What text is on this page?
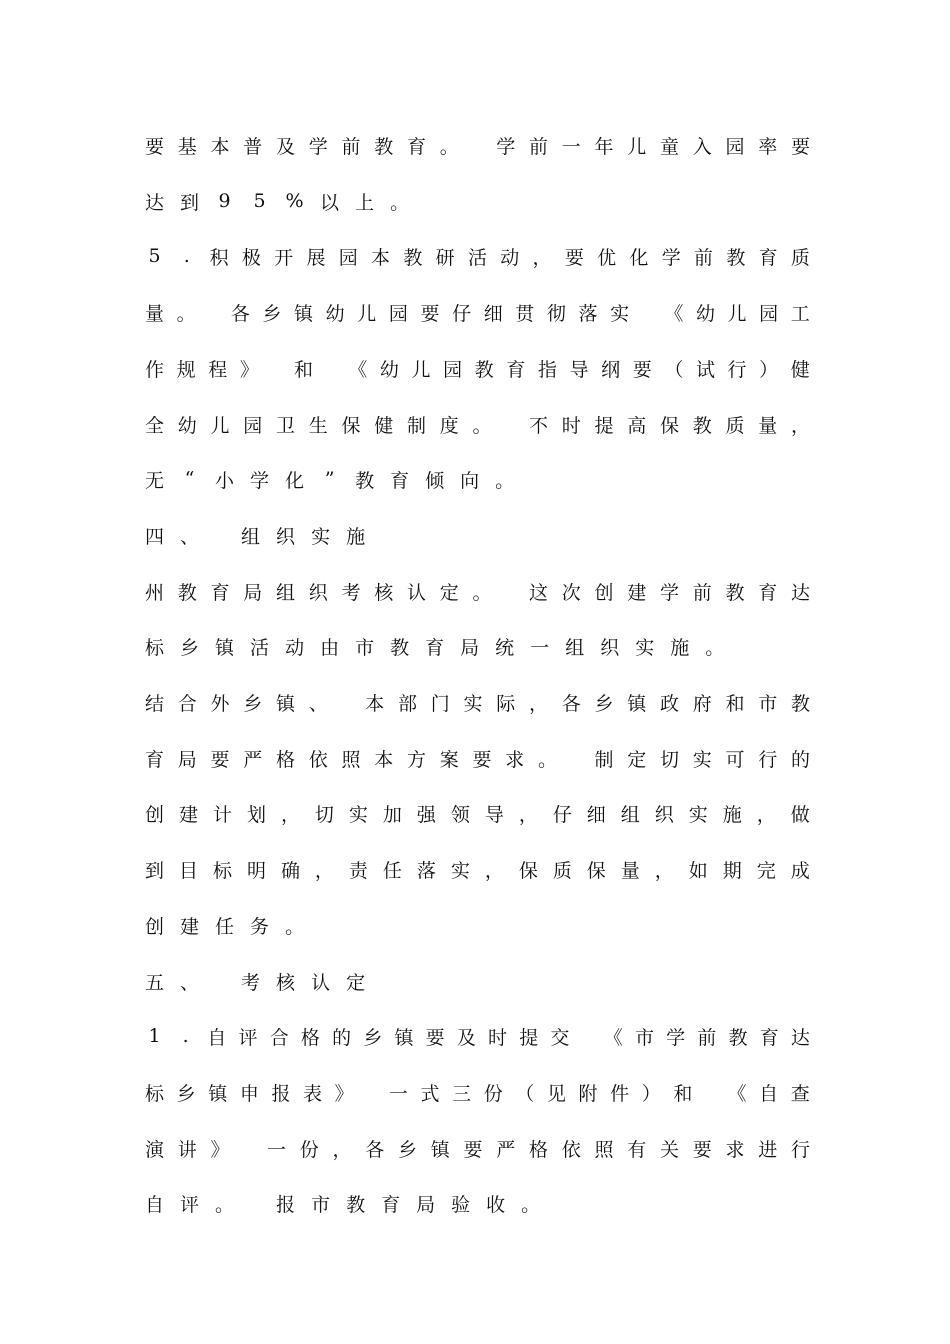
要 基 本 普 及 学 前 教 育 。 学 前 一 年 儿 童 入 园 率 要
达 到 9 5 % 以 上 。
5	.	积 极 开 展 园 本 教 研 活 动 ， 要 优 化 学 前 教 育 质
量 。 各 乡 镇 幼 儿 园 要 仔 细 贯 彻 落 实 《 幼 儿 园 工
作 规 程 》 和 《 幼 儿 园 教 育 指 导 纲 要 （ 试 行 ） 健
全 幼 儿 园 卫 生 保 健 制 度 。 不 时 提 高 保 教 质 量 ，
无 “ 小 学 化 ” 教 育 倾 向 。
四 、 组 织 实 施
州 教 育 局 组 织 考 核 认 定 。 这 次 创 建 学 前 教 育 达
标 乡 镇 活 动 由 市 教 育 局 统 一 组 织 实 施 。
结 合 外 乡 镇 、 本 部 门 实 际 ， 各 乡 镇 政 府 和 市 教
育 局 要 严 格 依 照 本 方 案 要 求 。 制 定 切 实 可 行 的
创 建 计 划 ， 切 实 加 强 领 导 ， 仔 细 组 织 实 施 ， 做
到 目 标 明 确 ， 责 任 落 实 ， 保 质 保 量 ， 如 期 完 成
创 建 任 务 。
五 、 考 核 认 定
1	. 自 评 合 格 的 乡 镇 要 及 时 提 交 《 市 学 前 教 育 达
标 乡 镇 申 报 表 》 一 式 三 份 （ 见 附 件 ） 和 《 自 查
演 讲 》 一 份 ， 各 乡 镇 要 严 格 依 照 有 关 要 求 进 行
自 评 。 报 市 教 育 局 验 收 。
